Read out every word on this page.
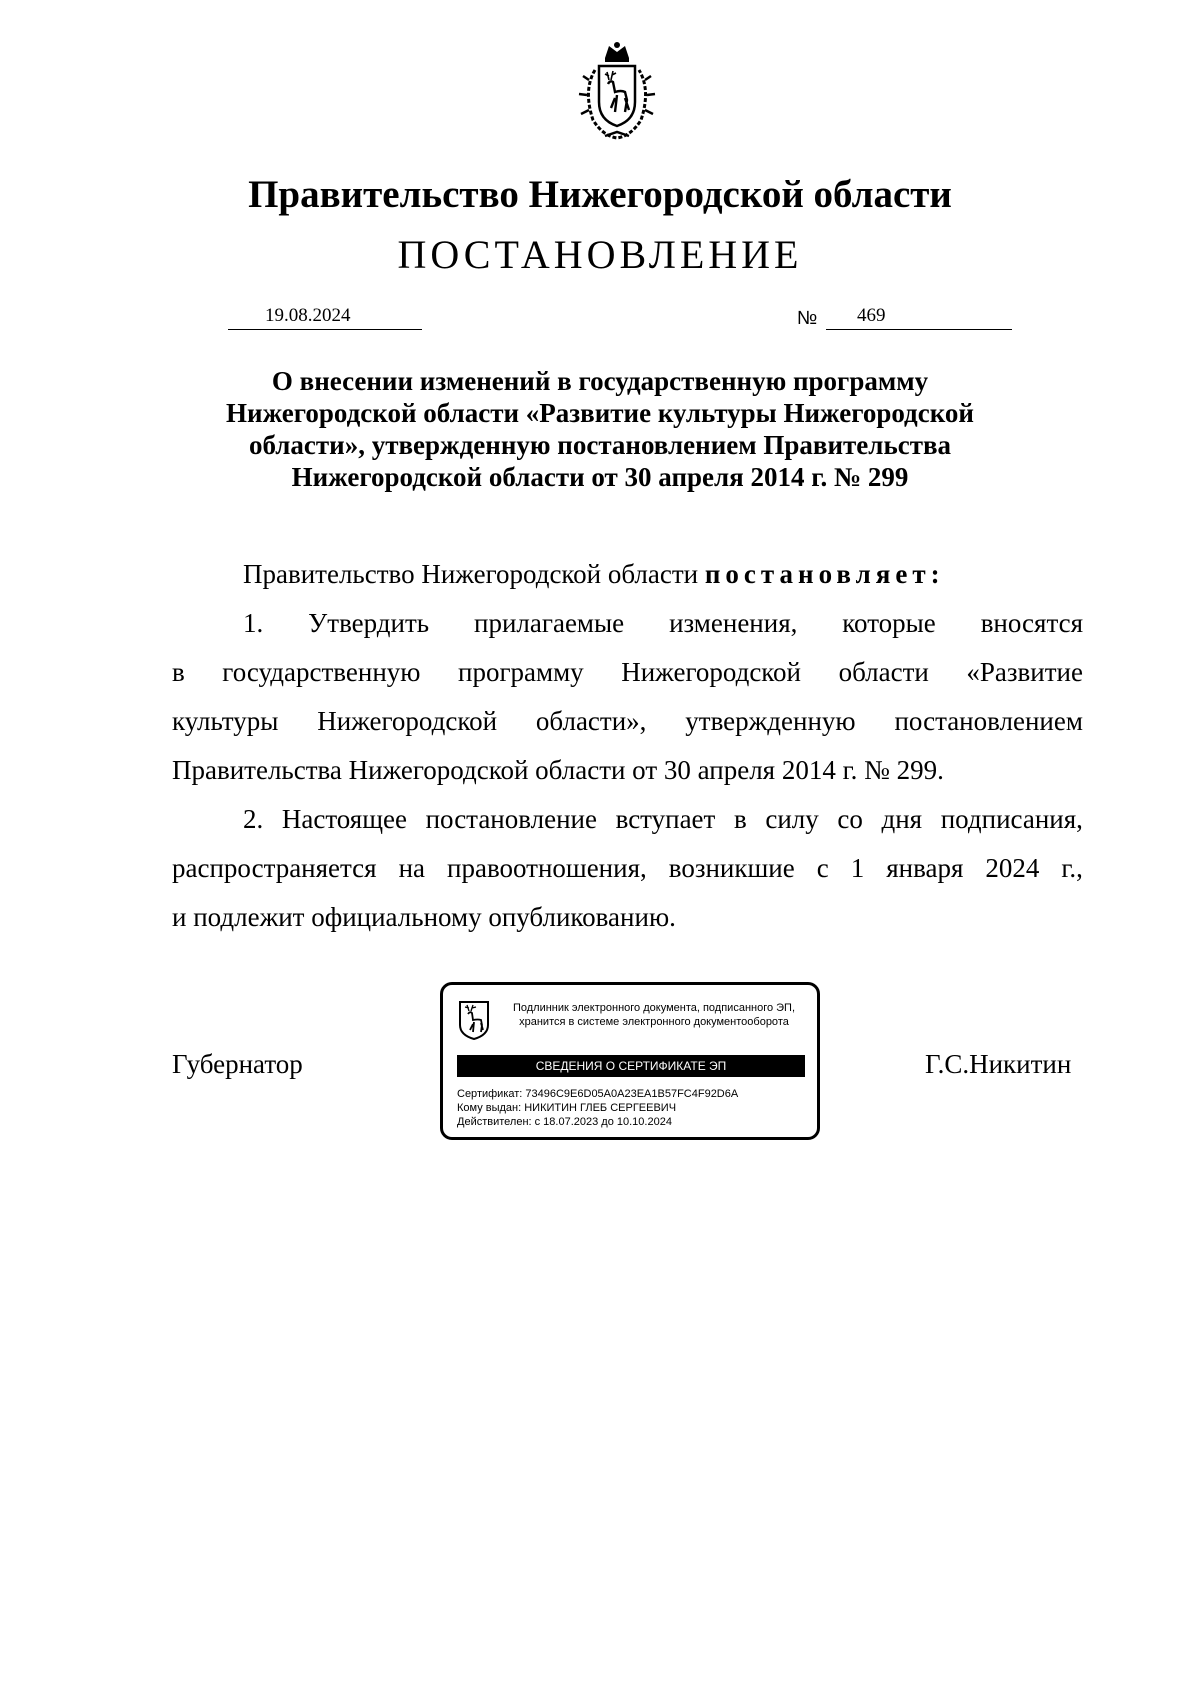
Правительство Нижегородской области
ПОСТАНОВЛЕНИЕ
19.08.2024	№ 469
О внесении изменений в государственную программу
Нижегородской области «Развитие культуры Нижегородской
области», утвержденную постановлением Правительства
Нижегородской области от 30 апреля 2014 г. № 299
Правительство Нижегородской области постановляет:
1. Утвердить прилагаемые изменения, которые вносятся
в государственную программу Нижегородской области «Развитие
культуры Нижегородской области», утвержденную постановлением
Правительства Нижегородской области от 30 апреля 2014 г. № 299.
2. Настоящее постановление вступает в силу со дня подписания,
распространяется на правоотношения, возникшие с 1 января 2024 г.,
и подлежит официальному опубликованию.
Губернатор	Г.С.Никитин
Подлинник электронного документа, подписанного ЭП,
хранится в системе электронного документооборота
СВЕДЕНИЯ О СЕРТИФИКАТЕ ЭП
Сертификат: 73496C9E6D05A0A23EA1B57FC4F92D6A
Кому выдан: НИКИТИН ГЛЕБ СЕРГЕЕВИЧ
Действителен: с 18.07.2023 до 10.10.2024
